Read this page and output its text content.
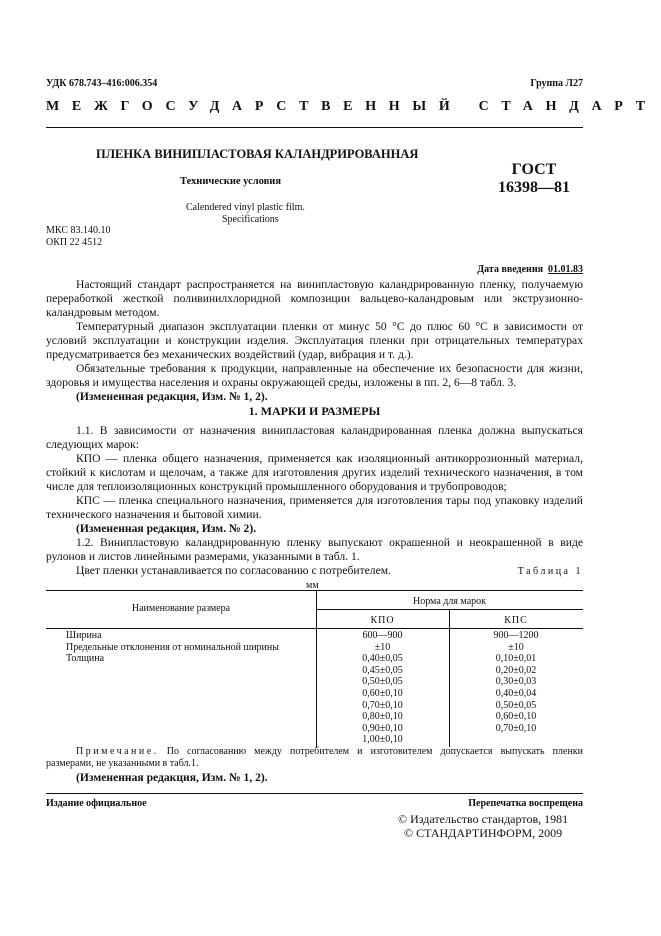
УДК 678.743–416:006.354	Группа Л27
МЕЖГОСУДАРСТВЕННЫЙ СТАНДАРТ
ПЛЕНКА ВИНИПЛАСТОВАЯ КАЛАНДРИРОВАННАЯ
Технические условия
Calendered vinyl plastic film.
Specifications
ГОСТ
16398—81
МКС 83.140.10
ОКП 22 4512
Дата введения 01.01.83

Настоящий стандарт распространяется на винипластовую каландрированную пленку, получаемую переработкой жесткой поливинилхлоридной композиции вальцево-каландровым или экструзионно-каландровым методом.

Температурный диапазон эксплуатации пленки от минус 50 °С до плюс 60 °С в зависимости от условий эксплуатации и конструкции изделия. Эксплуатация пленки при отрицательных температурах предусматривается без механических воздействий (удар, вибрация и т. д.).

Обязательные требования к продукции, направленные на обеспечение их безопасности для жизни, здоровья и имущества населения и охраны окружающей среды, изложены в пп. 2, 6—8 табл. 3.

(Измененная редакция, Изм. № 1, 2).

1. МАРКИ И РАЗМЕРЫ

1.1. В зависимости от назначения винипластовая каландрированная пленка должна выпускаться следующих марок:

КПО — пленка общего назначения, применяется как изоляционный антикоррозионный материал, стойкий к кислотам и щелочам, а также для изготовления других изделий технического назначения, в том числе для теплоизоляционных конструкций промышленного оборудования и трубопроводов;

КПС — пленка специального назначения, применяется для изготовления тары под упаковку изделий технического назначения и бытовой химии.

(Измененная редакция, Изм. № 2).

1.2. Винипластовую каландрированную пленку выпускают окрашенной и неокрашенной в виде рулонов и листов линейными размерами, указанными в табл. 1.

Цвет пленки устанавливается по согласованию с потребителем.	Таблица 1
мм
Наименование размера
Норма для марок
КПО	КПС
Ширина	600—900	900—1200
Предельные отклонения от номинальной ширины	±10	±10
Толщина	0,40±0,05	0,10±0,01
0,45±0,05	0,20±0,02
0,50±0,05	0,30±0,03
0,60±0,10	0,40±0,04
0,70±0,10	0,50±0,05
0,80±0,10	0,60±0,10
0,90±0,10	0,70±0,10
1,00±0,10
Примечание. По согласованию между потребителем и изготовителем допускается выпускать пленки размерами, не указанными в табл.1.
(Измененная редакция, Изм. № 1, 2).
Издание официальное	Перепечатка воспрещена
© Издательство стандартов, 1981
© СТАНДАРТИНФОРМ, 2009
